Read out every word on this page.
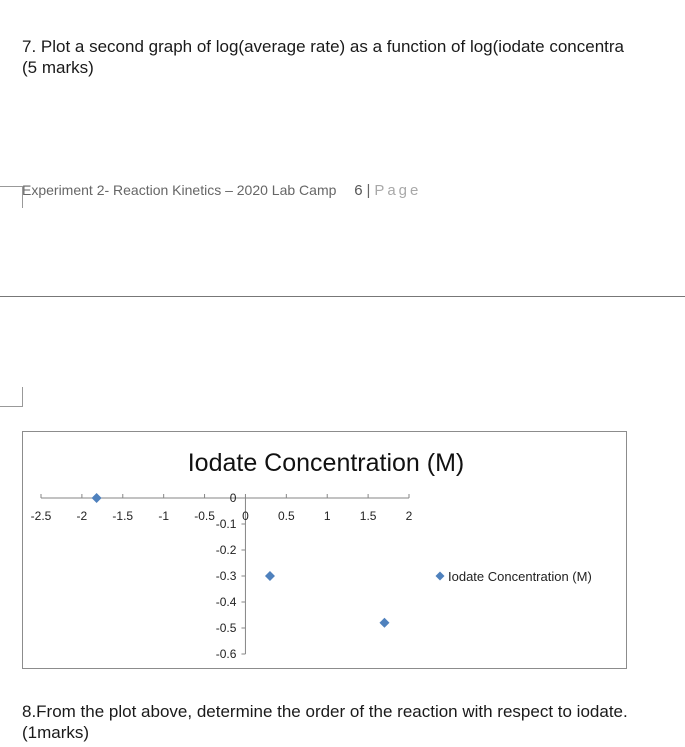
7. Plot a second graph of log(average rate) as a function of log(iodate concentra
(5 marks)
Experiment 2- Reaction Kinetics – 2020 Lab Camp 6 | Page
Iodate Concentration (M)
-2.5 -2 -1.5 -1 -0.5 0 0.5 1 1.5 2
0
-0.1
-0.2
-0.3
-0.4
-0.5
-0.6
Iodate Concentration (M)
8.From the plot above, determine the order of the reaction with respect to iodate.
(1marks)
